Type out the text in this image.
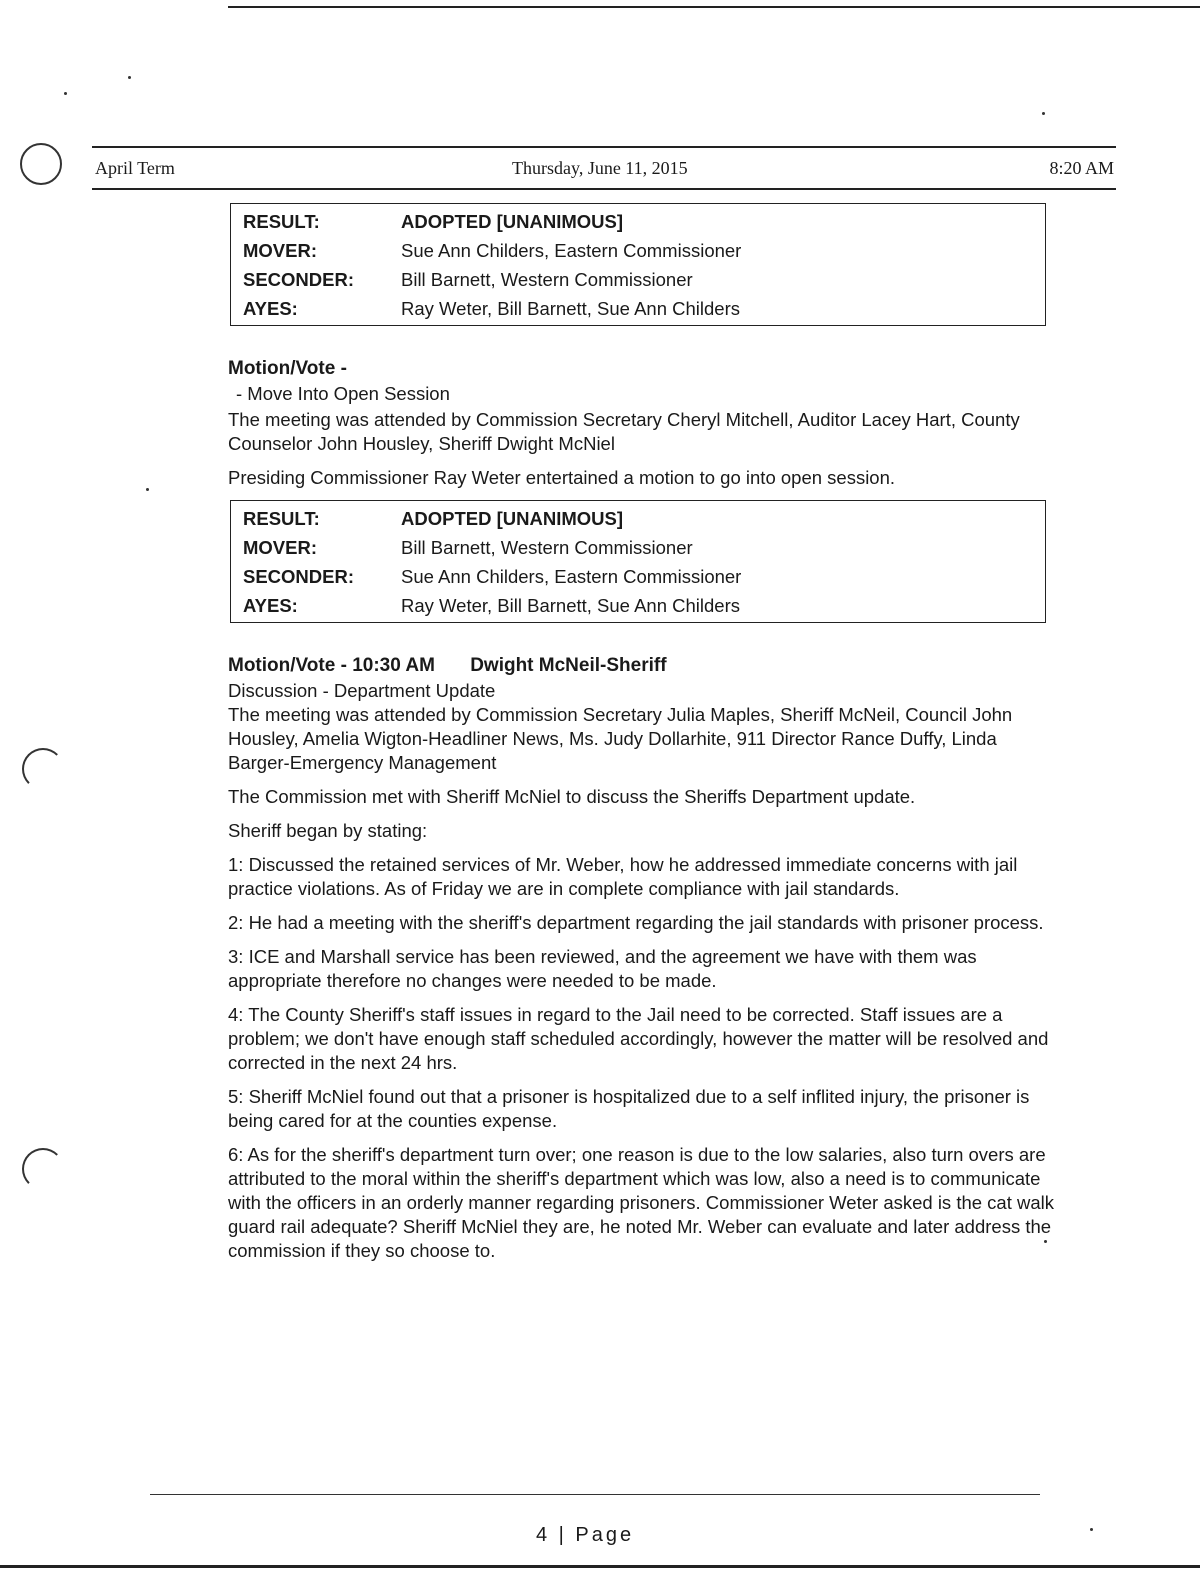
April Term	Thursday, June 11, 2015	8:20 AM
RESULT:	ADOPTED [UNANIMOUS]
MOVER:	Sue Ann Childers, Eastern Commissioner
SECONDER:	Bill Barnett, Western Commissioner
AYES:	Ray Weter, Bill Barnett, Sue Ann Childers
Motion/Vote -

- Move Into Open Session

The meeting was attended by Commission Secretary Cheryl Mitchell, Auditor Lacey Hart, County Counselor John Housley, Sheriff Dwight McNiel

Presiding Commissioner Ray Weter entertained a motion to go into open session.

RESULT:	ADOPTED [UNANIMOUS]
MOVER:	Bill Barnett, Western Commissioner
SECONDER:	Sue Ann Childers, Eastern Commissioner
AYES:	Ray Weter, Bill Barnett, Sue Ann Childers
Motion/Vote - 10:30 AM Dwight McNeil-Sheriff

Discussion - Department Update

The meeting was attended by Commission Secretary Julia Maples, Sheriff McNeil, Council John Housley, Amelia Wigton-Headliner News, Ms. Judy Dollarhite, 911 Director Rance Duffy, Linda Barger-Emergency Management

The Commission met with Sheriff McNiel to discuss the Sheriffs Department update.

Sheriff began by stating:

1: Discussed the retained services of Mr. Weber, how he addressed immediate concerns with jail practice violations. As of Friday we are in complete compliance with jail standards.

2: He had a meeting with the sheriff's department regarding the jail standards with prisoner process.

3: ICE and Marshall service has been reviewed, and the agreement we have with them was appropriate therefore no changes were needed to be made.

4: The County Sheriff's staff issues in regard to the Jail need to be corrected. Staff issues are a problem; we don't have enough staff scheduled accordingly, however the matter will be resolved and corrected in the next 24 hrs.

5: Sheriff McNiel found out that a prisoner is hospitalized due to a self inflited injury, the prisoner is being cared for at the counties expense.

6: As for the sheriff's department turn over; one reason is due to the low salaries, also turn overs are attributed to the moral within the sheriff's department which was low, also a need is to communicate with the officers in an orderly manner regarding prisoners. Commissioner Weter asked is the cat walk guard rail adequate? Sheriff McNiel they are, he noted Mr. Weber can evaluate and later address the commission if they so choose to.

4 | Page
